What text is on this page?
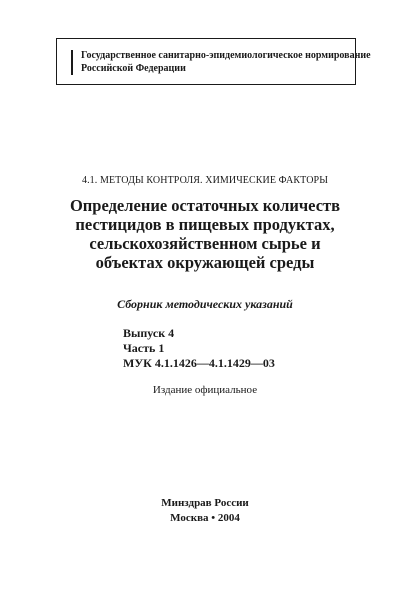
Государственное санитарно-эпидемиологическое нормирование
Российской Федерации
4.1. МЕТОДЫ КОНТРОЛЯ. ХИМИЧЕСКИЕ ФАКТОРЫ
Определение остаточных количеств
пестицидов в пищевых продуктах,
сельскохозяйственном сырье и
объектах окружающей среды
Сборник методических указаний
Выпуск 4
Часть 1
МУК 4.1.1426—4.1.1429—03
Издание официальное
Минздрав России
Москва • 2004
